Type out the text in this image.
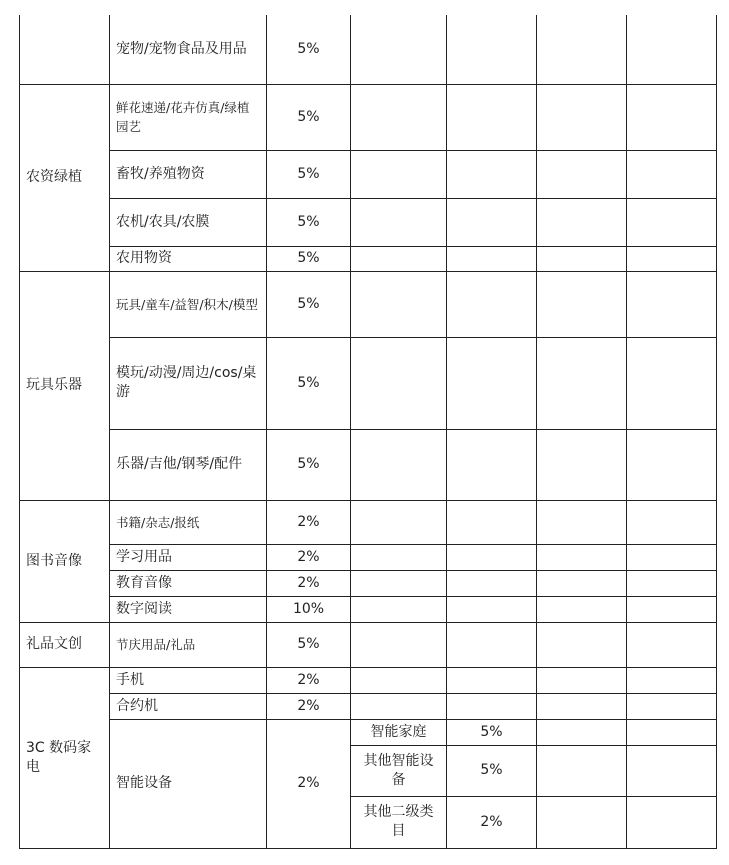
	宠物/宠物食品及用品	5%				
农资绿植	鲜花速递/花卉仿真/绿植园艺	5%				
	畜牧/养殖物资	5%				
	农机/农具/农膜	5%				
	农用物资	5%				
玩具乐器	玩具/童车/益智/积木/模型	5%				
	模玩/动漫/周边/cos/桌游	5%				
	乐器/吉他/钢琴/配件	5%				
图书音像	书籍/杂志/报纸	2%				
	学习用品	2%				
	教育音像	2%				
	数字阅读	10%				
礼品文创	节庆用品/礼品	5%				
3C 数码家电	手机	2%				
	合约机	2%				
	智能设备	2%	智能家庭	5%		
			其他智能设备	5%		
			其他二级类目	2%		
